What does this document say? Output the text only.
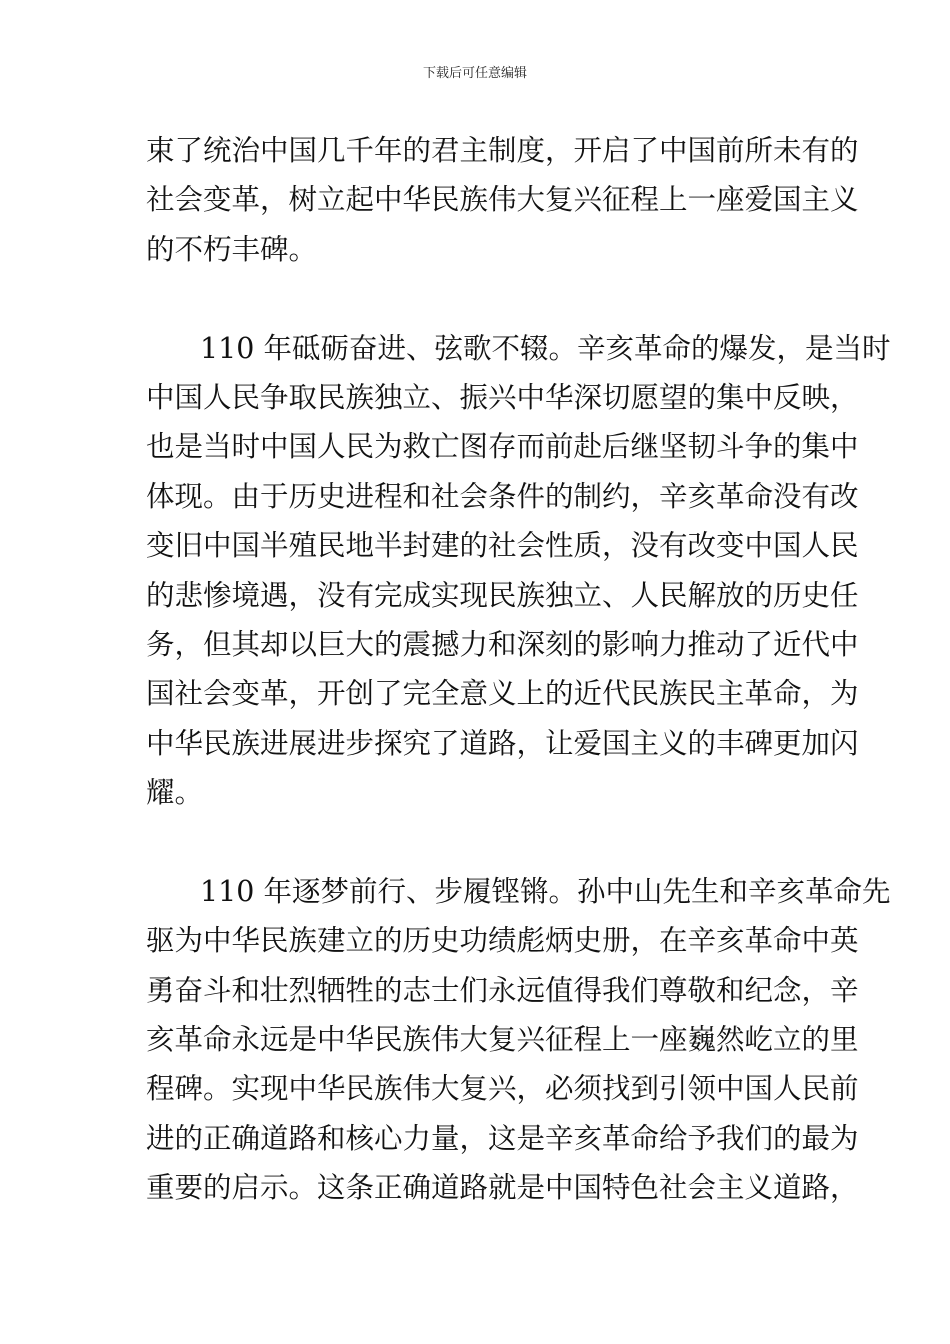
下载后可任意编辑
束了统治中国几千年的君主制度，开启了中国前所未有的
社会变革，树立起中华民族伟大复兴征程上一座爱国主义
的不朽丰碑。
110 年砥砺奋进、弦歌不辍。辛亥革命的爆发，是当时
中国人民争取民族独立、振兴中华深切愿望的集中反映，
也是当时中国人民为救亡图存而前赴后继坚韧斗争的集中
体现。由于历史进程和社会条件的制约，辛亥革命没有改
变旧中国半殖民地半封建的社会性质，没有改变中国人民
的悲惨境遇，没有完成实现民族独立、人民解放的历史任
务，但其却以巨大的震撼力和深刻的影响力推动了近代中
国社会变革，开创了完全意义上的近代民族民主革命，为
中华民族进展进步探究了道路，让爱国主义的丰碑更加闪
耀。
110 年逐梦前行、步履铿锵。孙中山先生和辛亥革命先
驱为中华民族建立的历史功绩彪炳史册，在辛亥革命中英
勇奋斗和壮烈牺牲的志士们永远值得我们尊敬和纪念，辛
亥革命永远是中华民族伟大复兴征程上一座巍然屹立的里
程碑。实现中华民族伟大复兴，必须找到引领中国人民前
进的正确道路和核心力量，这是辛亥革命给予我们的最为
重要的启示。这条正确道路就是中国特色社会主义道路，
